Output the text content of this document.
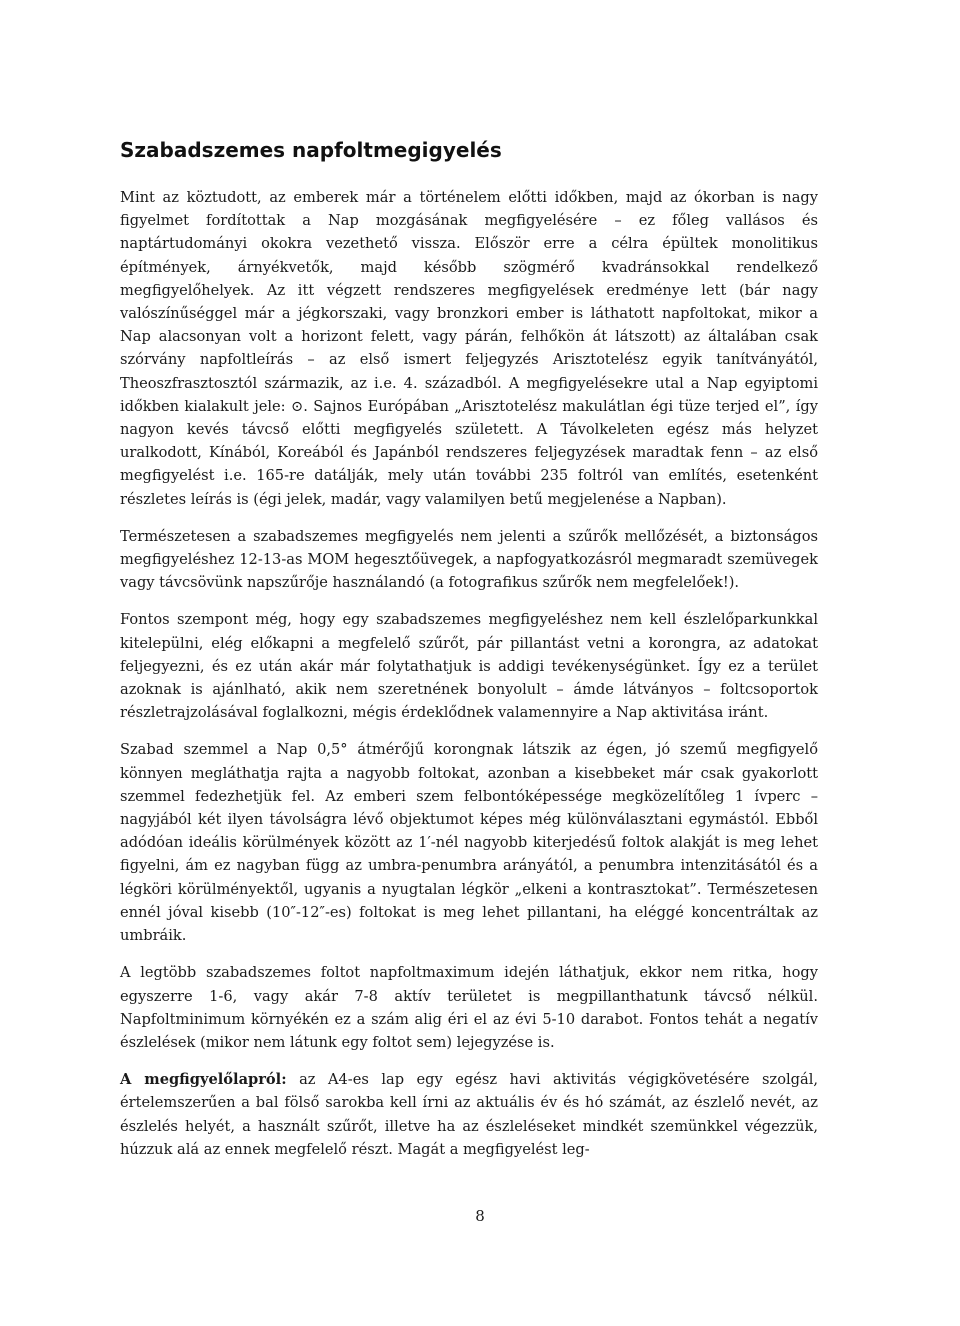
Szabadszemes napfoltmegigyelés

Mint az köztudott, az emberek már a történelem előtti időkben, majd az ókorban is nagy figyelmet fordítottak a Nap mozgásának megfigyelésére – ez főleg vallásos és naptártudományi okokra vezethető vissza. Először erre a célra épültek monolitikus építmények, árnyékvetők, majd később szögmérő kvadránsokkal rendelkező megfigyelőhelyek. Az itt végzett rendszeres megfigyelések eredménye lett (bár nagy valószínűséggel már a jégkorszaki, vagy bronzkori ember is láthatott napfoltokat, mikor a Nap alacsonyan volt a horizont felett, vagy párán, felhőkön át látszott) az általában csak szórvány napfoltleírás – az első ismert feljegyzés Arisztotelész egyik tanítványától, Theoszfrasztosztól származik, az i.e. 4. századból. A megfigyelésekre utal a Nap egyiptomi időkben kialakult jele: ⊙. Sajnos Európában „Arisztotelész makulátlan égi tüze terjed el”, így nagyon kevés távcső előtti megfigyelés született. A Távolkeleten egész más helyzet uralkodott, Kínából, Koreából és Japánból rendszeres feljegyzések maradtak fenn – az első megfigyelést i.e. 165-re datálják, mely után további 235 foltról van említés, esetenként részletes leírás is (égi jelek, madár, vagy valamilyen betű megjelenése a Napban).

Természetesen a szabadszemes megfigyelés nem jelenti a szűrők mellőzését, a biztonságos megfigyeléshez 12-13-as MOM hegesztőüvegek, a napfogyatkozásról megmaradt szemüvegek vagy távcsövünk napszűrője használandó (a fotografikus szűrők nem megfelelőek!).

Fontos szempont még, hogy egy szabadszemes megfigyeléshez nem kell észlelőparkunkkal kitelepülni, elég előkapni a megfelelő szűrőt, pár pillantást vetni a korongra, az adatokat feljegyezni, és ez után akár már folytathatjuk is addigi tevékenységünket. Így ez a terület azoknak is ajánlható, akik nem szeretnének bonyolult – ámde látványos – foltcsoportok részletrajzolásával foglalkozni, mégis érdeklődnek valamennyire a Nap aktivitása iránt.

Szabad szemmel a Nap 0,5° átmérőjű korongnak látszik az égen, jó szemű megfigyelő könnyen megláthatja rajta a nagyobb foltokat, azonban a kisebbeket már csak gyakorlott szemmel fedezhetjük fel. Az emberi szem felbontóképessége megközelítőleg 1 ívperc – nagyjából két ilyen távolságra lévő objektumot képes még különválasztani egymástól. Ebből adódóan ideális körülmények között az 1′-nél nagyobb kiterjedésű foltok alakját is meg lehet figyelni, ám ez nagyban függ az umbra-penumbra arányától, a penumbra intenzitásától és a légköri körülményektől, ugyanis a nyugtalan légkör „elkeni a kontrasztokat”. Természetesen ennél jóval kisebb (10″-12″-es) foltokat is meg lehet pillantani, ha eléggé koncentráltak az umbráik.

A legtöbb szabadszemes foltot napfoltmaximum idején láthatjuk, ekkor nem ritka, hogy egyszerre 1-6, vagy akár 7-8 aktív területet is megpillanthatunk távcső nélkül. Napfoltminimum környékén ez a szám alig éri el az évi 5-10 darabot. Fontos tehát a negatív észlelések (mikor nem látunk egy foltot sem) lejegyzése is.

A megfigyelőlapról: az A4-es lap egy egész havi aktivitás végigkövetésére szolgál, értelemszerűen a bal fölső sarokba kell írni az aktuális év és hó számát, az észlelő nevét, az észlelés helyét, a használt szűrőt, illetve ha az észleléseket mindkét szemünkkel végezzük, húzzuk alá az ennek megfelelő részt. Magát a megfigyelést leg-

8
